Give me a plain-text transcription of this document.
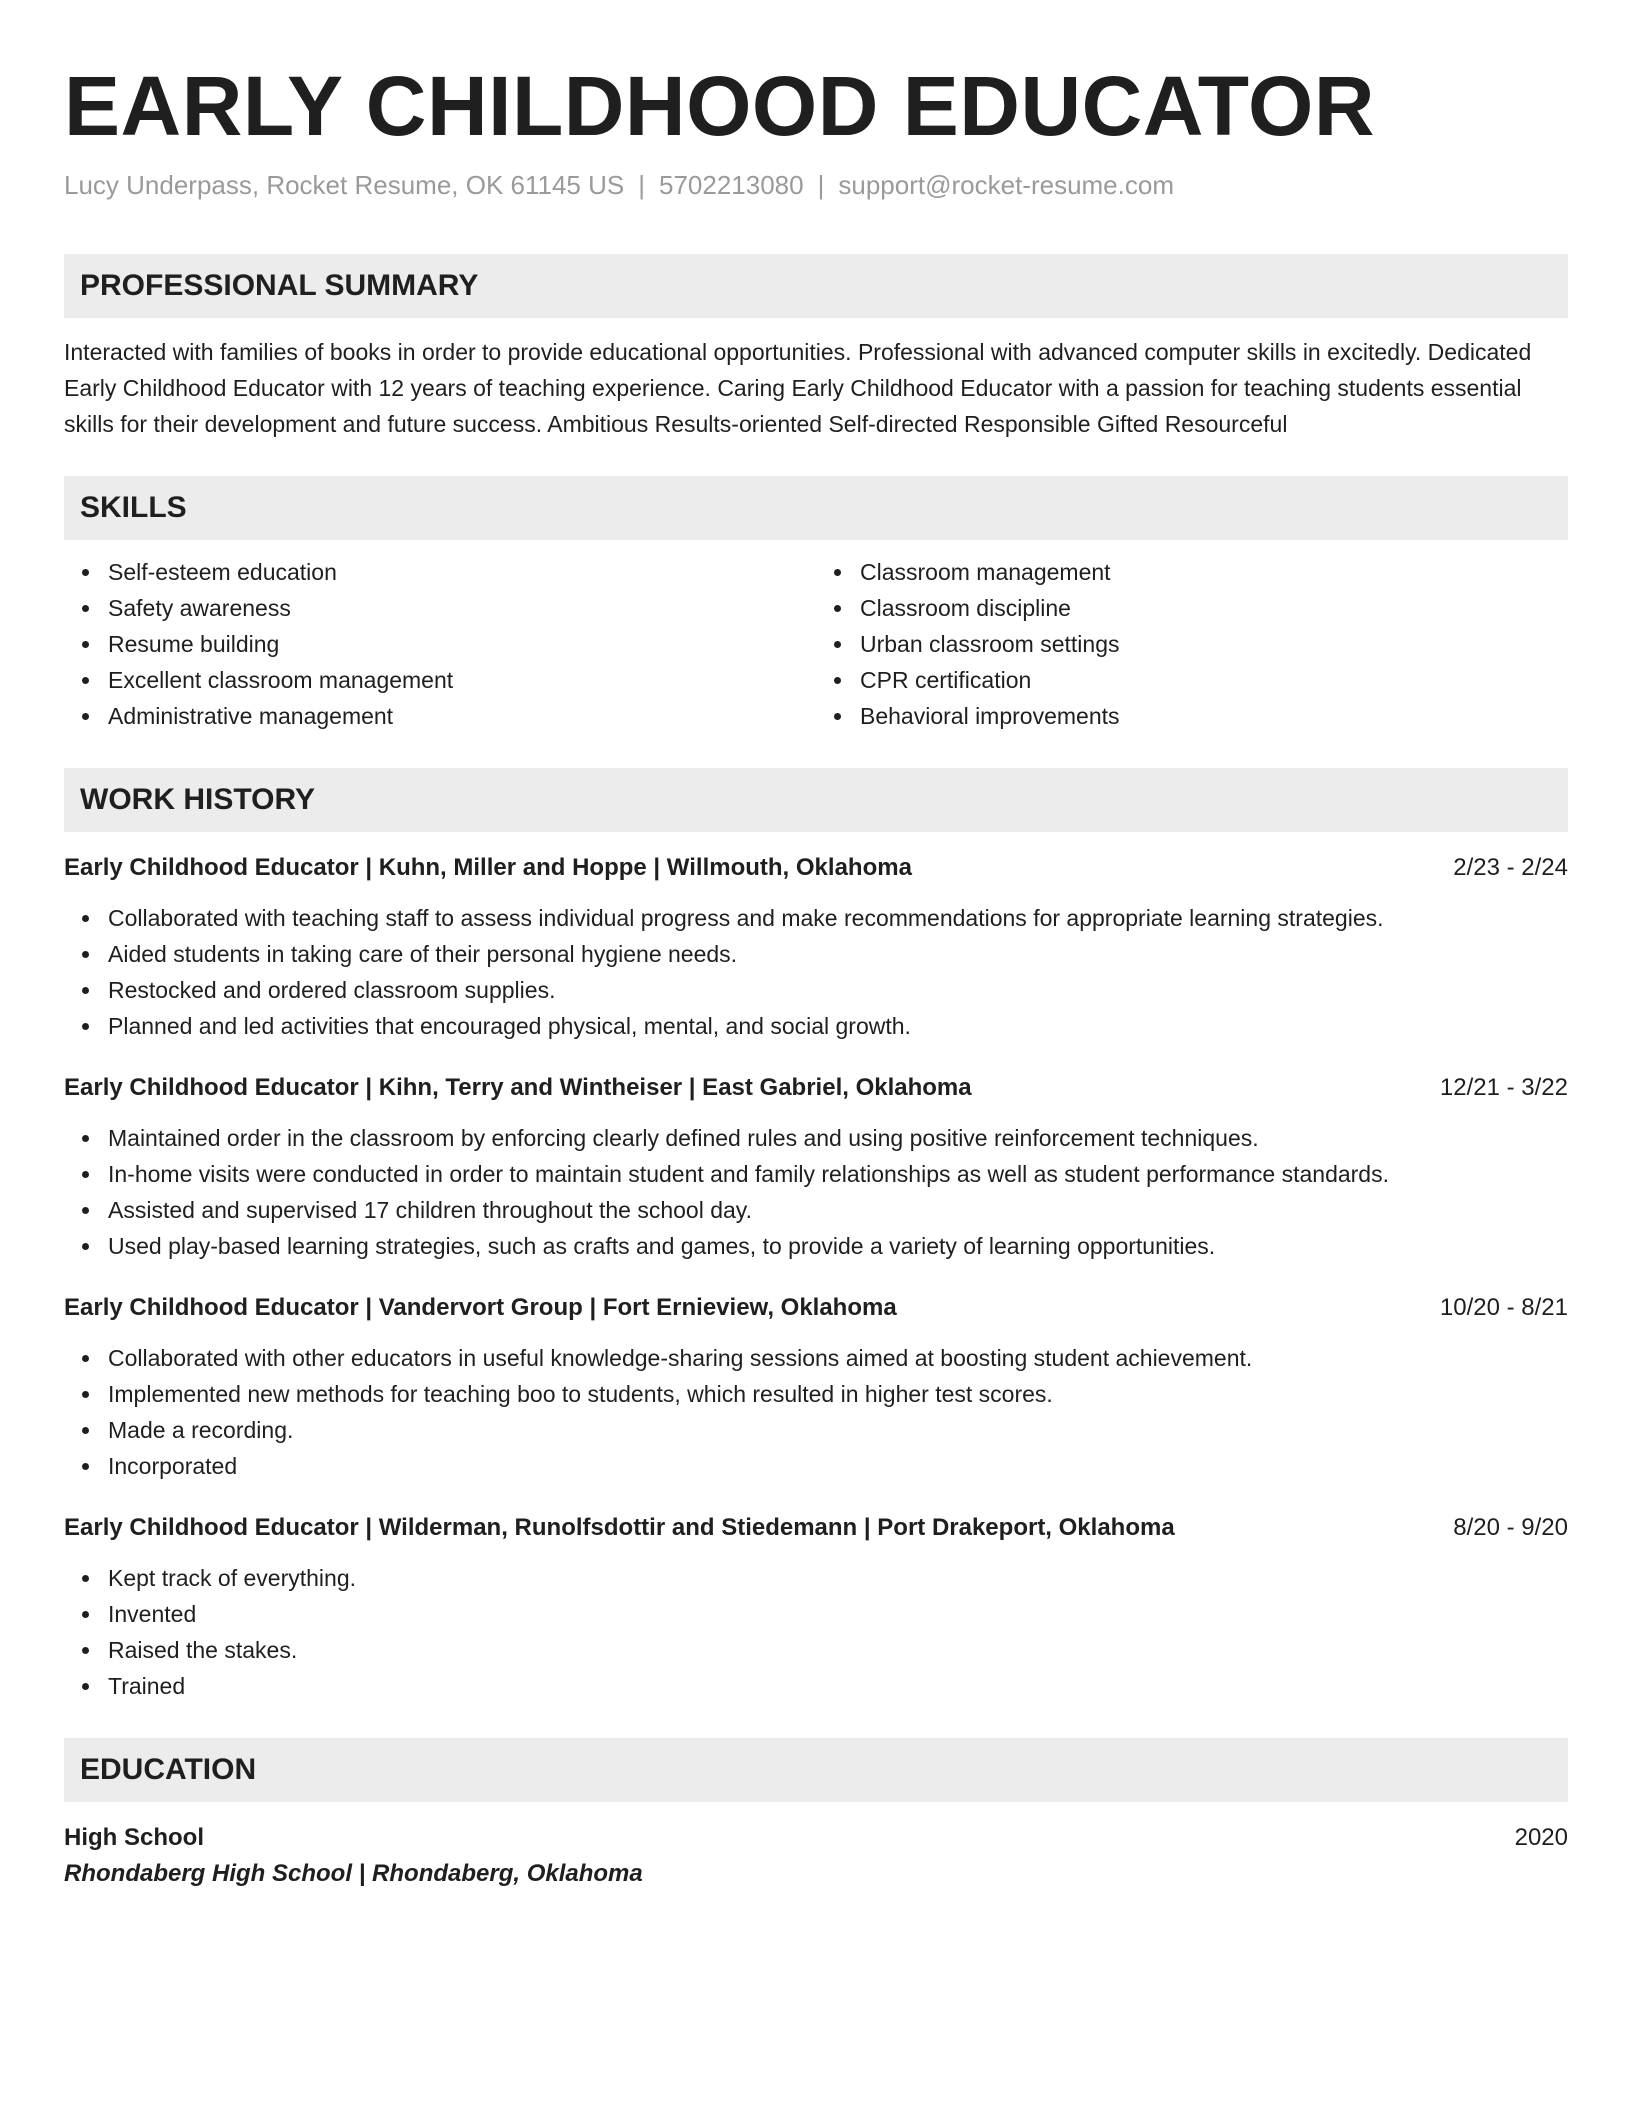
EARLY CHILDHOOD EDUCATOR
Lucy Underpass, Rocket Resume, OK 61145 US | 5702213080 | support@rocket-resume.com
PROFESSIONAL SUMMARY

Interacted with families of books in order to provide educational opportunities. Professional with advanced computer skills in excitedly. Dedicated Early Childhood Educator with 12 years of teaching experience. Caring Early Childhood Educator with a passion for teaching students essential skills for their development and future success. Ambitious Results-oriented Self-directed Responsible Gifted Resourceful

SKILLS
Self-esteem education
Safety awareness
Resume building
Excellent classroom management
Administrative management
Classroom management
Classroom discipline
Urban classroom settings
CPR certification
Behavioral improvements
WORK HISTORY
Early Childhood Educator | Kuhn, Miller and Hoppe | Willmouth, Oklahoma	2/23 - 2/24
Collaborated with teaching staff to assess individual progress and make recommendations for appropriate learning strategies.
Aided students in taking care of their personal hygiene needs.
Restocked and ordered classroom supplies.
Planned and led activities that encouraged physical, mental, and social growth.
Early Childhood Educator | Kihn, Terry and Wintheiser | East Gabriel, Oklahoma	12/21 - 3/22
Maintained order in the classroom by enforcing clearly defined rules and using positive reinforcement techniques.
In-home visits were conducted in order to maintain student and family relationships as well as student performance standards.
Assisted and supervised 17 children throughout the school day.
Used play-based learning strategies, such as crafts and games, to provide a variety of learning opportunities.
Early Childhood Educator | Vandervort Group | Fort Ernieview, Oklahoma	10/20 - 8/21
Collaborated with other educators in useful knowledge-sharing sessions aimed at boosting student achievement.
Implemented new methods for teaching boo to students, which resulted in higher test scores.
Made a recording.
Incorporated
Early Childhood Educator | Wilderman, Runolfsdottir and Stiedemann | Port Drakeport, Oklahoma	8/20 - 9/20
Kept track of everything.
Invented
Raised the stakes.
Trained
EDUCATION
High School	2020
Rhondaberg High School | Rhondaberg, Oklahoma
